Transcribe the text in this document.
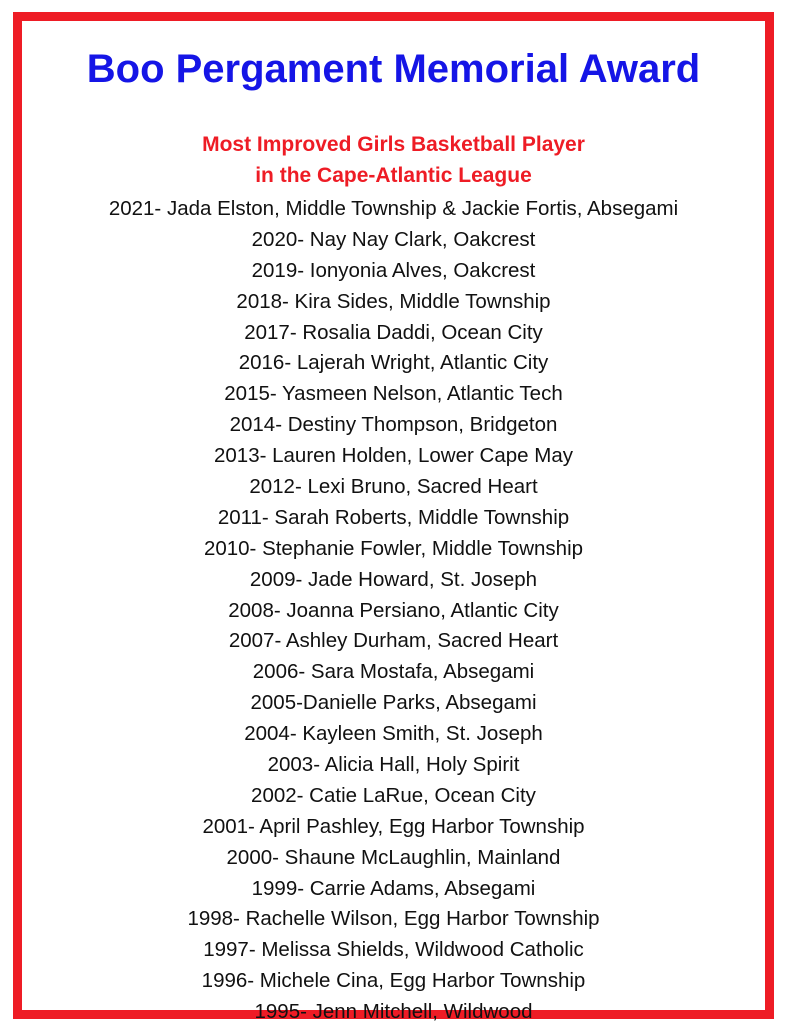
Boo Pergament Memorial Award
Most Improved Girls Basketball Player
in the Cape-Atlantic League
2021- Jada Elston, Middle Township & Jackie Fortis, Absegami
2020- Nay Nay Clark, Oakcrest
2019- Ionyonia Alves, Oakcrest
2018- Kira Sides, Middle Township
2017- Rosalia Daddi, Ocean City
2016- Lajerah Wright, Atlantic City
2015- Yasmeen Nelson, Atlantic Tech
2014- Destiny Thompson, Bridgeton
2013- Lauren Holden, Lower Cape May
2012- Lexi Bruno, Sacred Heart
2011- Sarah Roberts, Middle Township
2010- Stephanie Fowler, Middle Township
2009- Jade Howard, St. Joseph
2008- Joanna Persiano, Atlantic City
2007- Ashley Durham, Sacred Heart
2006- Sara Mostafa, Absegami
2005-Danielle Parks, Absegami
2004- Kayleen Smith, St. Joseph
2003- Alicia Hall, Holy Spirit
2002- Catie LaRue, Ocean City
2001- April Pashley, Egg Harbor Township
2000- Shaune McLaughlin, Mainland
1999- Carrie Adams, Absegami
1998- Rachelle Wilson, Egg Harbor Township
1997- Melissa Shields, Wildwood Catholic
1996- Michele Cina, Egg Harbor Township
1995- Jenn Mitchell, Wildwood
